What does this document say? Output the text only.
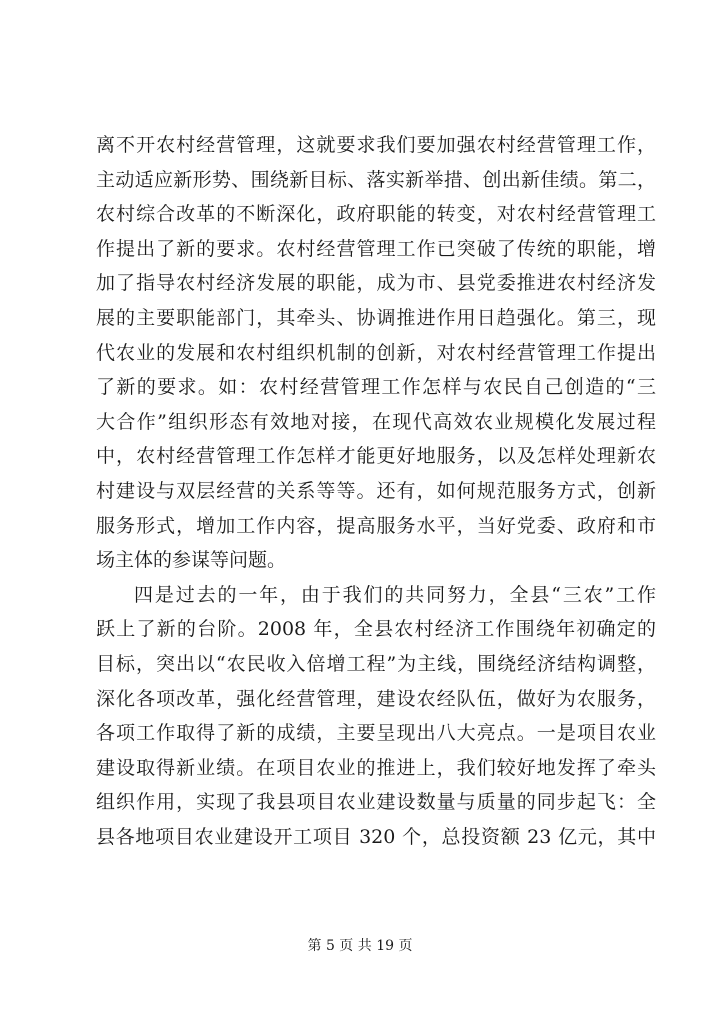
离不开农村经营管理，这就要求我们要加强农村经营管理工作，
主动适应新形势、围绕新目标、落实新举措、创出新佳绩。第二，
农村综合改革的不断深化，政府职能的转变，对农村经营管理工
作提出了新的要求。农村经营管理工作已突破了传统的职能，增
加了指导农村经济发展的职能，成为市、县党委推进农村经济发
展的主要职能部门，其牵头、协调推进作用日趋强化。第三，现
代农业的发展和农村组织机制的创新，对农村经营管理工作提出
了新的要求。如：农村经营管理工作怎样与农民自己创造的“三
大合作”组织形态有效地对接，在现代高效农业规模化发展过程
中，农村经营管理工作怎样才能更好地服务，以及怎样处理新农
村建设与双层经营的关系等等。还有，如何规范服务方式，创新
服务形式，增加工作内容，提高服务水平，当好党委、政府和市
场主体的参谋等问题。
四是过去的一年，由于我们的共同努力，全县“三农”工作
跃上了新的台阶。2008 年，全县农村经济工作围绕年初确定的
目标，突出以“农民收入倍增工程”为主线，围绕经济结构调整，
深化各项改革，强化经营管理，建设农经队伍，做好为农服务，
各项工作取得了新的成绩，主要呈现出八大亮点。一是项目农业
建设取得新业绩。在项目农业的推进上，我们较好地发挥了牵头
组织作用，实现了我县项目农业建设数量与质量的同步起飞：全
县各地项目农业建设开工项目 320 个，总投资额 23 亿元，其中
第 5 页 共 19 页
